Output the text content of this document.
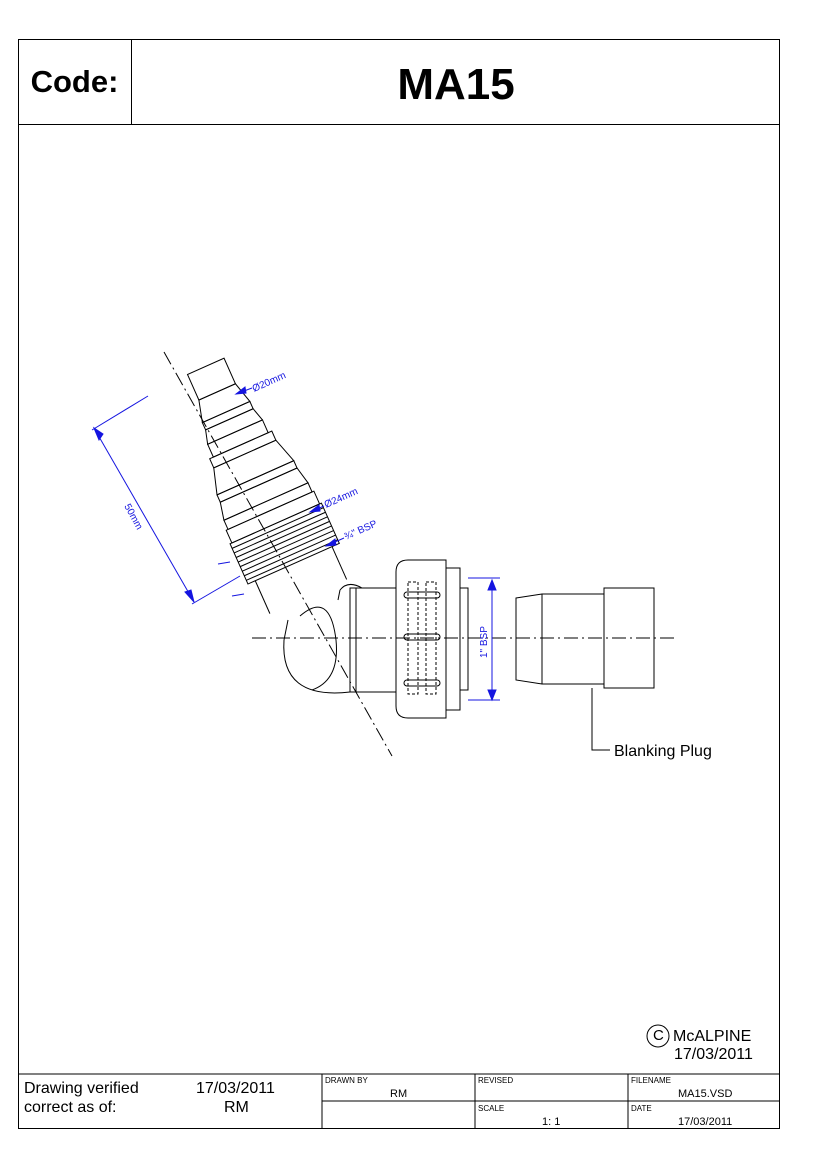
Code:	MA15
Ø20mm
Ø24mm
¾" BSP
1" BSP
50mm
Blanking Plug
C McALPINE
17/03/2011
Drawing verified
correct as of:
17/03/2011
RM
DRAWN BY
RM
REVISED	FILENAME
MA15.VSD
SCALE
1: 1
DATE
17/03/2011
